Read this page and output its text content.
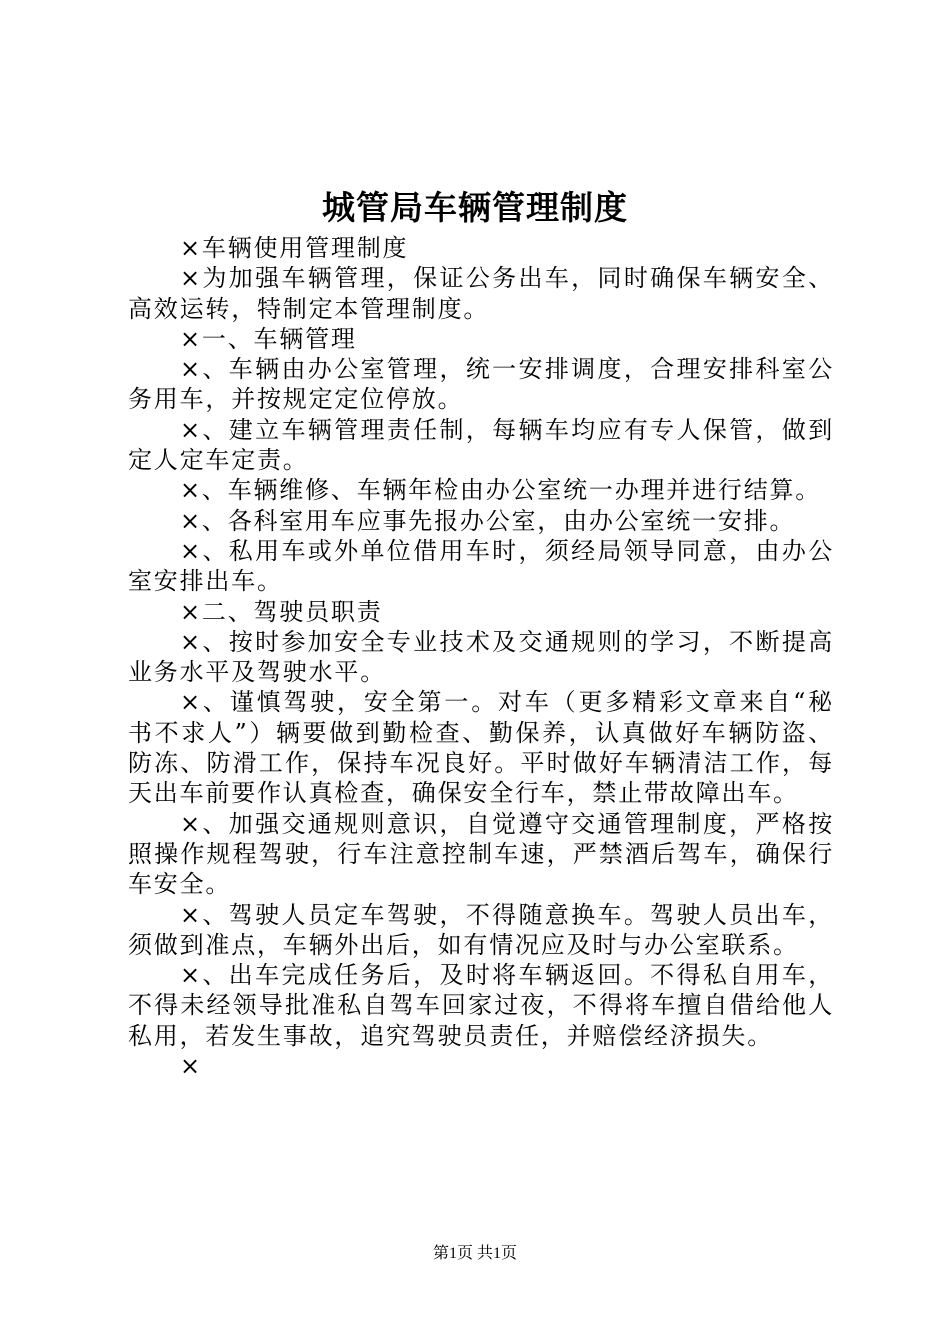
城管局车辆管理制度

×车辆使用管理制度

×为加强车辆管理，保证公务出车，同时确保车辆安全、高效运转，特制定本管理制度。

×一、车辆管理

×、车辆由办公室管理，统一安排调度，合理安排科室公务用车，并按规定定位停放。

×、建立车辆管理责任制，每辆车均应有专人保管，做到定人定车定责。

×、车辆维修、车辆年检由办公室统一办理并进行结算。

×、各科室用车应事先报办公室，由办公室统一安排。

×、私用车或外单位借用车时，须经局领导同意，由办公室安排出车。

×二、驾驶员职责

×、按时参加安全专业技术及交通规则的学习，不断提高业务水平及驾驶水平。

×、谨慎驾驶，安全第一。对车（更多精彩文章来自“秘书不求人”）辆要做到勤检查、勤保养，认真做好车辆防盗、防冻、防滑工作，保持车况良好。平时做好车辆清洁工作，每天出车前要作认真检查，确保安全行车，禁止带故障出车。

×、加强交通规则意识，自觉遵守交通管理制度，严格按照操作规程驾驶，行车注意控制车速，严禁酒后驾车，确保行车安全。

×、驾驶人员定车驾驶，不得随意换车。驾驶人员出车，须做到准点，车辆外出后，如有情况应及时与办公室联系。

×、出车完成任务后，及时将车辆返回。不得私自用车，不得未经领导批准私自驾车回家过夜，不得将车擅自借给他人私用，若发生事故，追究驾驶员责任，并赔偿经济损失。

×

第1页 共1页
